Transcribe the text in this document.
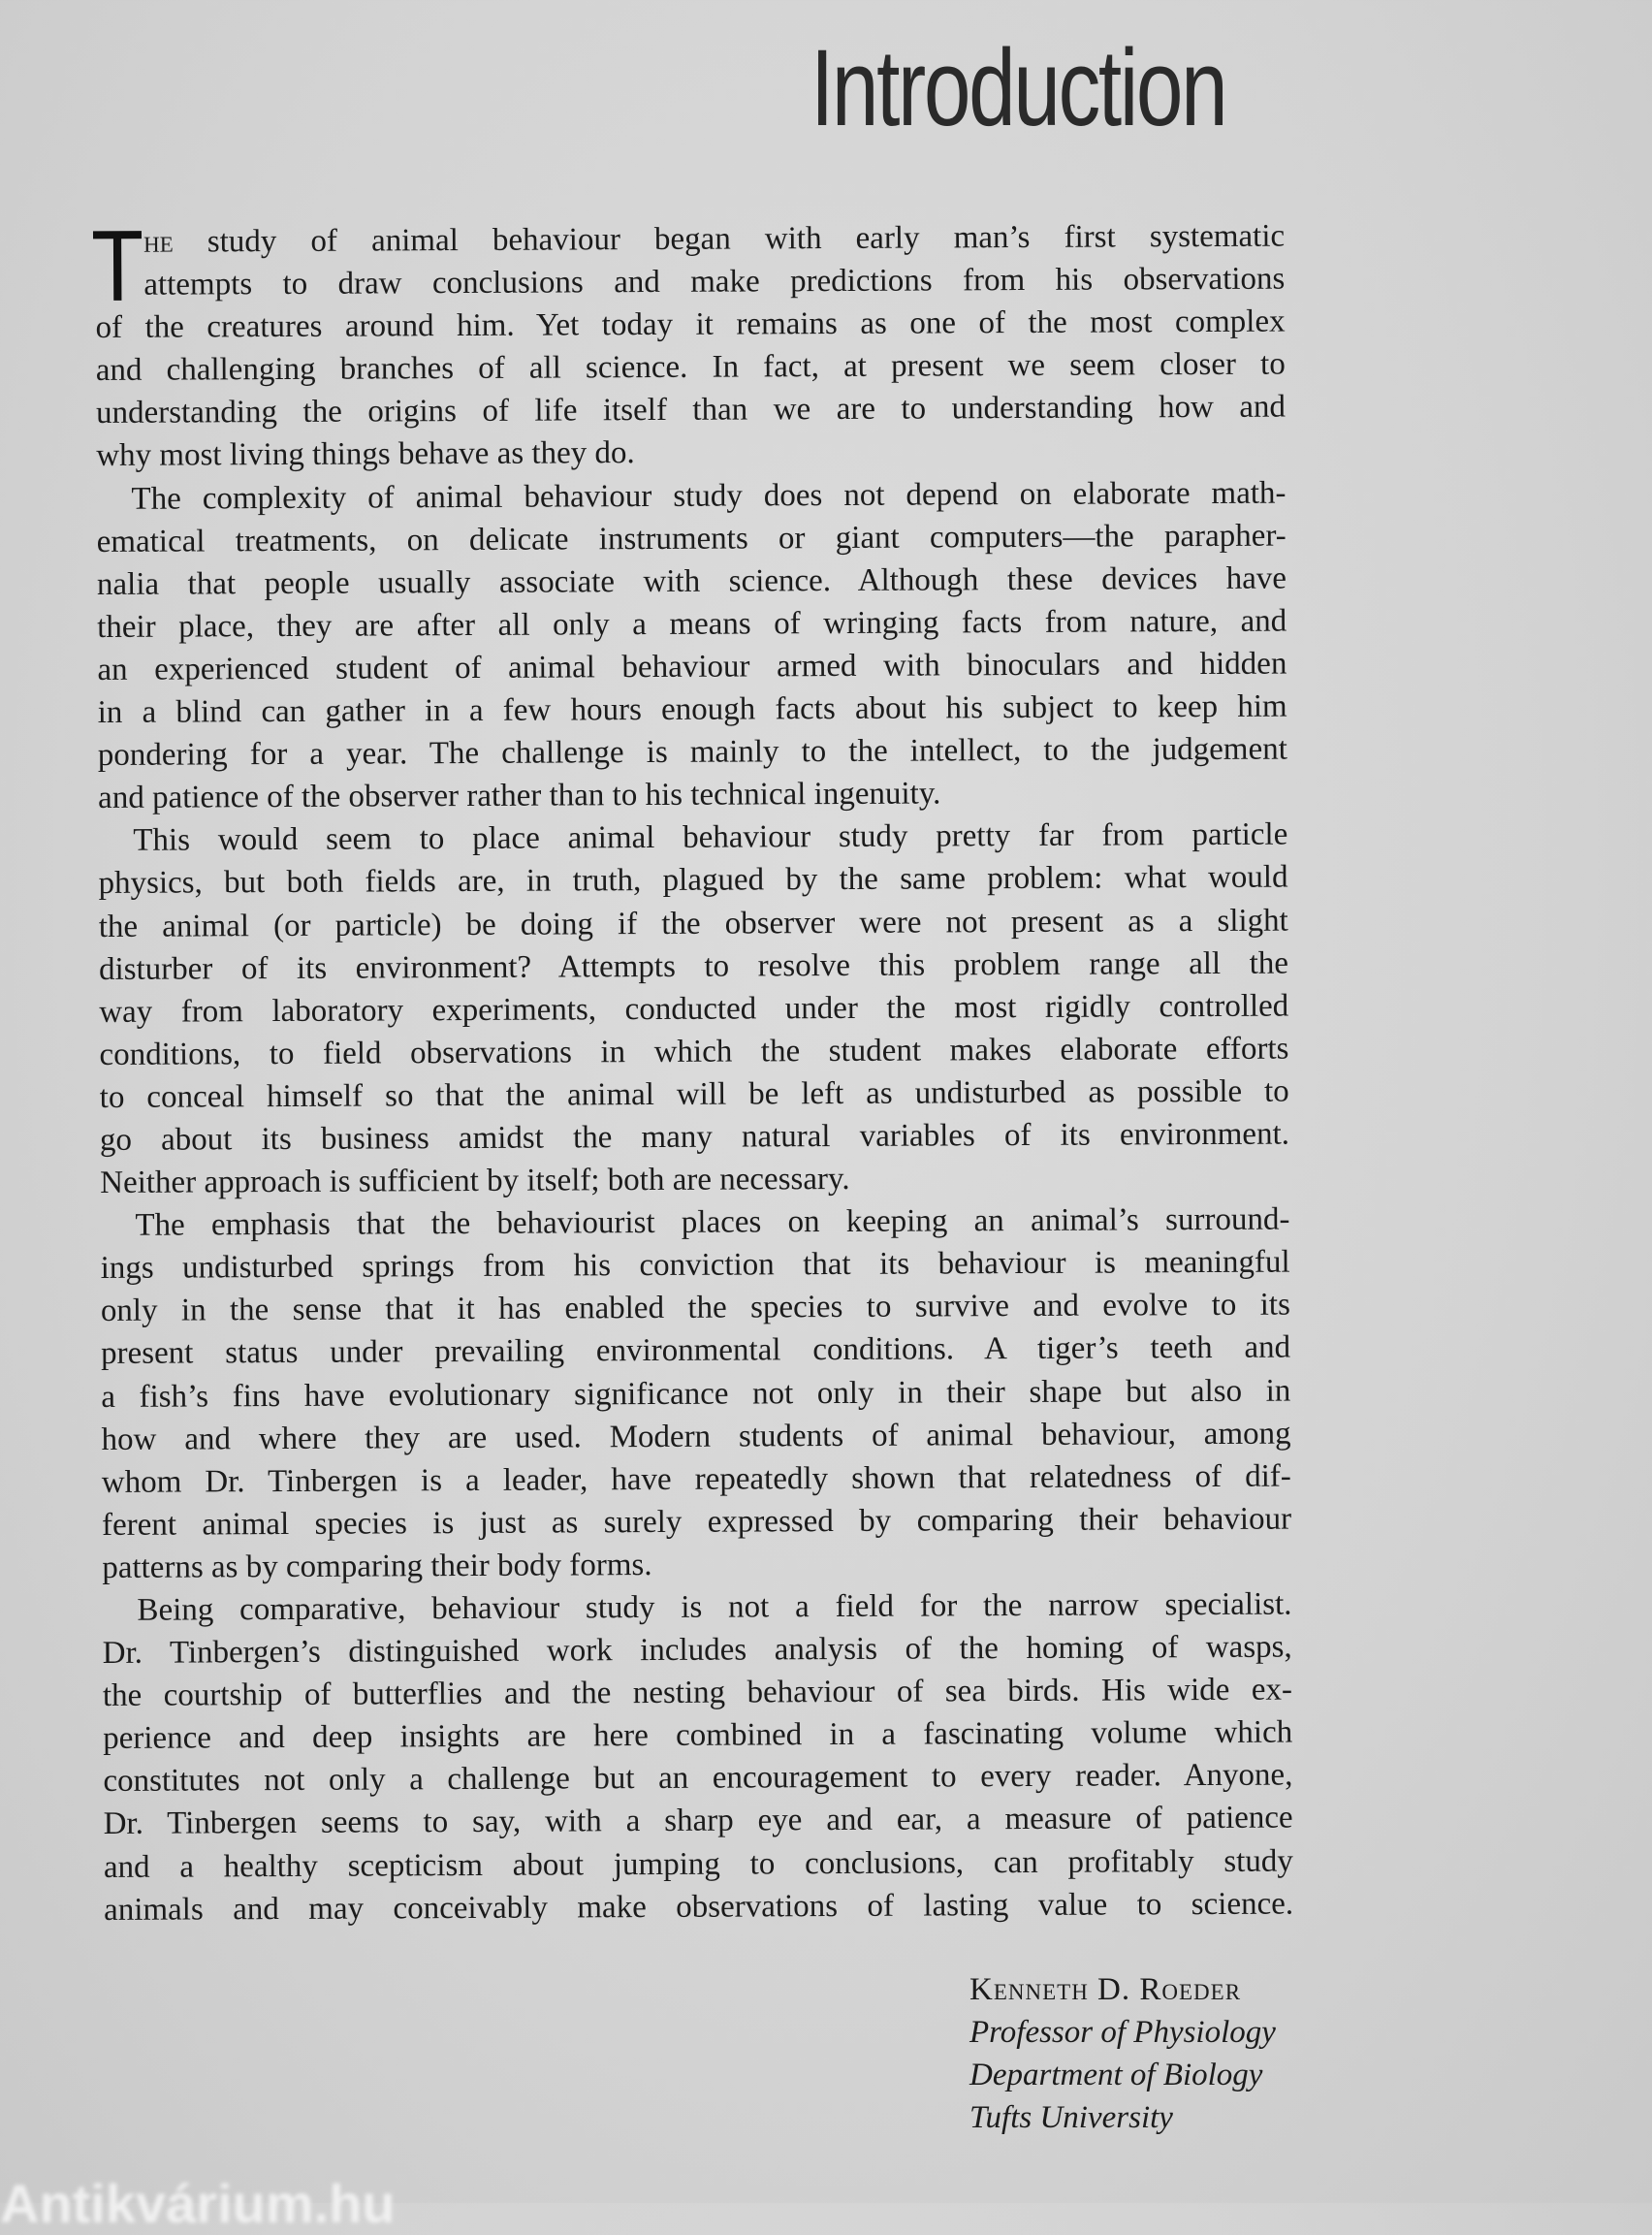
Introduction
T he study of animal behaviour began with early man’s first systematic
attempts to draw conclusions and make predictions from his observations
of the creatures around him. Yet today it remains as one of the most complex
and challenging branches of all science. In fact, at present we seem closer to
understanding the origins of life itself than we are to understanding how and
why most living things behave as they do.
The complexity of animal behaviour study does not depend on elaborate math-
ematical treatments, on delicate instruments or giant computers—the parapher-
nalia that people usually associate with science. Although these devices have
their place, they are after all only a means of wringing facts from nature, and
an experienced student of animal behaviour armed with binoculars and hidden
in a blind can gather in a few hours enough facts about his subject to keep him
pondering for a year. The challenge is mainly to the intellect, to the judgement
and patience of the observer rather than to his technical ingenuity.
This would seem to place animal behaviour study pretty far from particle
physics, but both fields are, in truth, plagued by the same problem: what would
the animal (or particle) be doing if the observer were not present as a slight
disturber of its environment? Attempts to resolve this problem range all the
way from laboratory experiments, conducted under the most rigidly controlled
conditions, to field observations in which the student makes elaborate efforts
to conceal himself so that the animal will be left as undisturbed as possible to
go about its business amidst the many natural variables of its environment.
Neither approach is sufficient by itself; both are necessary.
The emphasis that the behaviourist places on keeping an animal’s surround-
ings undisturbed springs from his conviction that its behaviour is meaningful
only in the sense that it has enabled the species to survive and evolve to its
present status under prevailing environmental conditions. A tiger’s teeth and
a fish’s fins have evolutionary significance not only in their shape but also in
how and where they are used. Modern students of animal behaviour, among
whom Dr. Tinbergen is a leader, have repeatedly shown that relatedness of dif-
ferent animal species is just as surely expressed by comparing their behaviour
patterns as by comparing their body forms.
Being comparative, behaviour study is not a field for the narrow specialist.
Dr. Tinbergen’s distinguished work includes analysis of the homing of wasps,
the courtship of butterflies and the nesting behaviour of sea birds. His wide ex-
perience and deep insights are here combined in a fascinating volume which
constitutes not only a challenge but an encouragement to every reader. Anyone,
Dr. Tinbergen seems to say, with a sharp eye and ear, a measure of patience
and a healthy scepticism about jumping to conclusions, can profitably study
animals and may conceivably make observations of lasting value to science.
Kenneth D. Roeder
Professor of Physiology
Department of Biology
Tufts University
Antikvárium.hu
